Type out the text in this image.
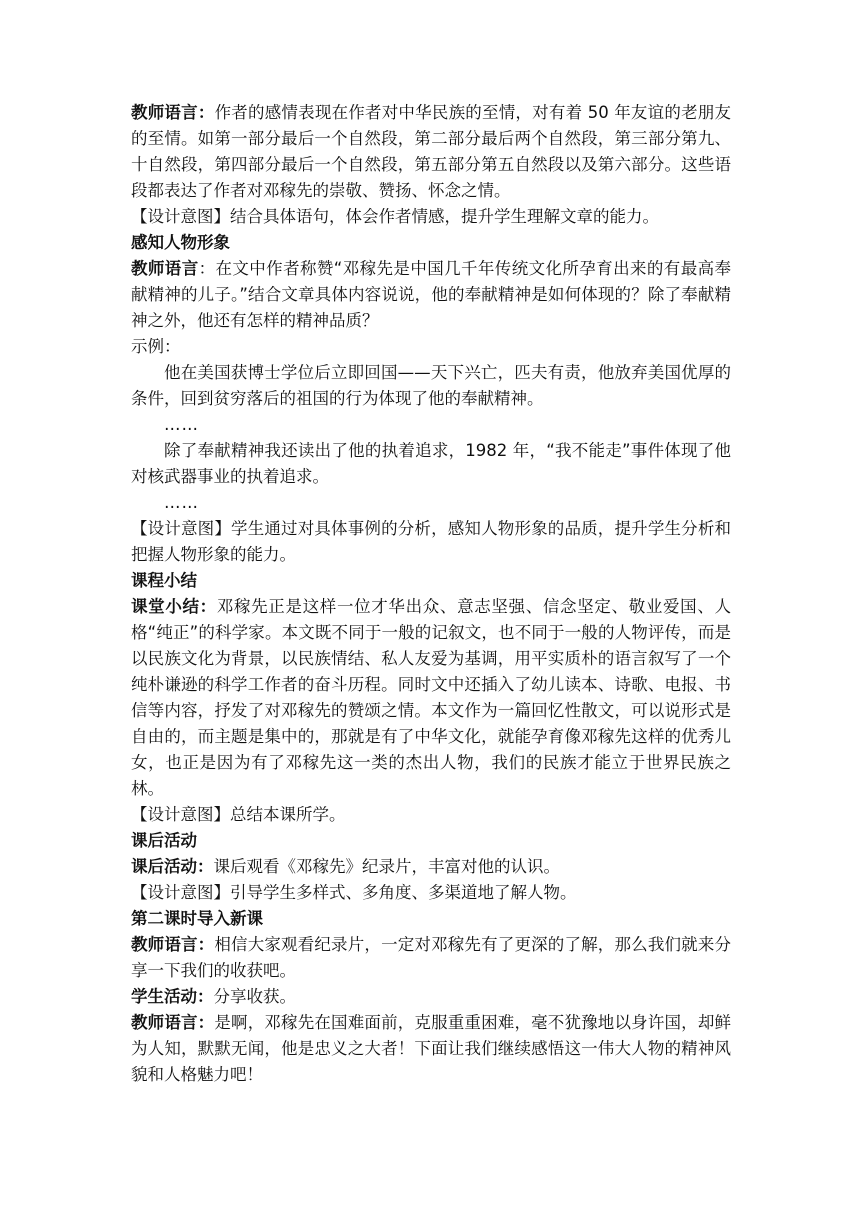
教师语言：作者的感情表现在作者对中华民族的至情，对有着 50 年友谊的老朋友的至情。如第一部分最后一个自然段，第二部分最后两个自然段，第三部分第九、十自然段，第四部分最后一个自然段，第五部分第五自然段以及第六部分。这些语段都表达了作者对邓稼先的崇敬、赞扬、怀念之情。

【设计意图】结合具体语句，体会作者情感，提升学生理解文章的能力。

感知人物形象

教师语言：在文中作者称赞“邓稼先是中国几千年传统文化所孕育出来的有最高奉献精神的儿子。”结合文章具体内容说说，他的奉献精神是如何体现的？除了奉献精神之外，他还有怎样的精神品质？

示例：

他在美国获博士学位后立即回国——天下兴亡，匹夫有责，他放弃美国优厚的条件，回到贫穷落后的祖国的行为体现了他的奉献精神。

……

除了奉献精神我还读出了他的执着追求，1982 年，“我不能走”事件体现了他对核武器事业的执着追求。

……

【设计意图】学生通过对具体事例的分析，感知人物形象的品质，提升学生分析和把握人物形象的能力。

课程小结

课堂小结：邓稼先正是这样一位才华出众、意志坚强、信念坚定、敬业爱国、人格“纯正”的科学家。本文既不同于一般的记叙文，也不同于一般的人物评传，而是以民族文化为背景，以民族情结、私人友爱为基调，用平实质朴的语言叙写了一个纯朴谦逊的科学工作者的奋斗历程。同时文中还插入了幼儿读本、诗歌、电报、书信等内容，抒发了对邓稼先的赞颂之情。本文作为一篇回忆性散文，可以说形式是自由的，而主题是集中的，那就是有了中华文化，就能孕育像邓稼先这样的优秀儿女，也正是因为有了邓稼先这一类的杰出人物，我们的民族才能立于世界民族之林。

【设计意图】总结本课所学。

课后活动

课后活动：课后观看《邓稼先》纪录片，丰富对他的认识。

【设计意图】引导学生多样式、多角度、多渠道地了解人物。

第二课时导入新课

教师语言：相信大家观看纪录片，一定对邓稼先有了更深的了解，那么我们就来分享一下我们的收获吧。

学生活动：分享收获。

教师语言：是啊，邓稼先在国难面前，克服重重困难，毫不犹豫地以身许国，却鲜为人知，默默无闻，他是忠义之大者！下面让我们继续感悟这一伟大人物的精神风貌和人格魅力吧！
